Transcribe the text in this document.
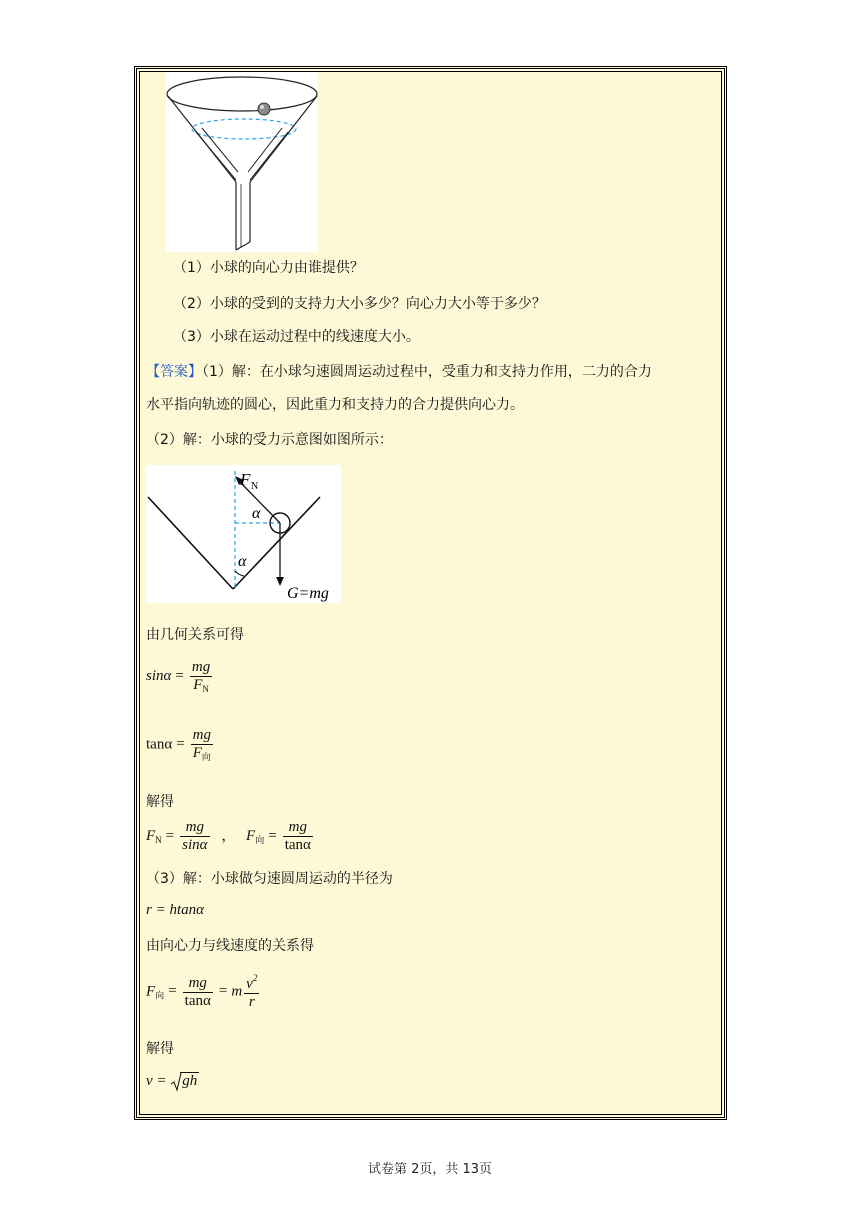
（1）小球的向心力由谁提供？
（2）小球的受到的支持力大小多少？向心力大小等于多少？
（3）小球在运动过程中的线速度大小。
【答案】（1）解：在小球匀速圆周运动过程中，受重力和支持力作用，二力的合力
水平指向轨迹的圆心，因此重力和支持力的合力提供向心力。
（2）解：小球的受力示意图如图所示：
F N
α
α
G=mg
由几何关系可得
$\sin\alpha = \frac{mg}{F_N}$
$\tan\alpha = \frac{mg}{F_向}$
解得
$F_N = \frac{mg}{\sin\alpha}$ ， $F_向 = \frac{mg}{\tan\alpha}$
（3）解：小球做匀速圆周运动的半径为
r = htanα
由向心力与线速度的关系得
$F_向 = \frac{mg}{\tan\alpha} = m \frac{v^2}{r}$
解得
v = gh
试卷第 2页，共 13页
